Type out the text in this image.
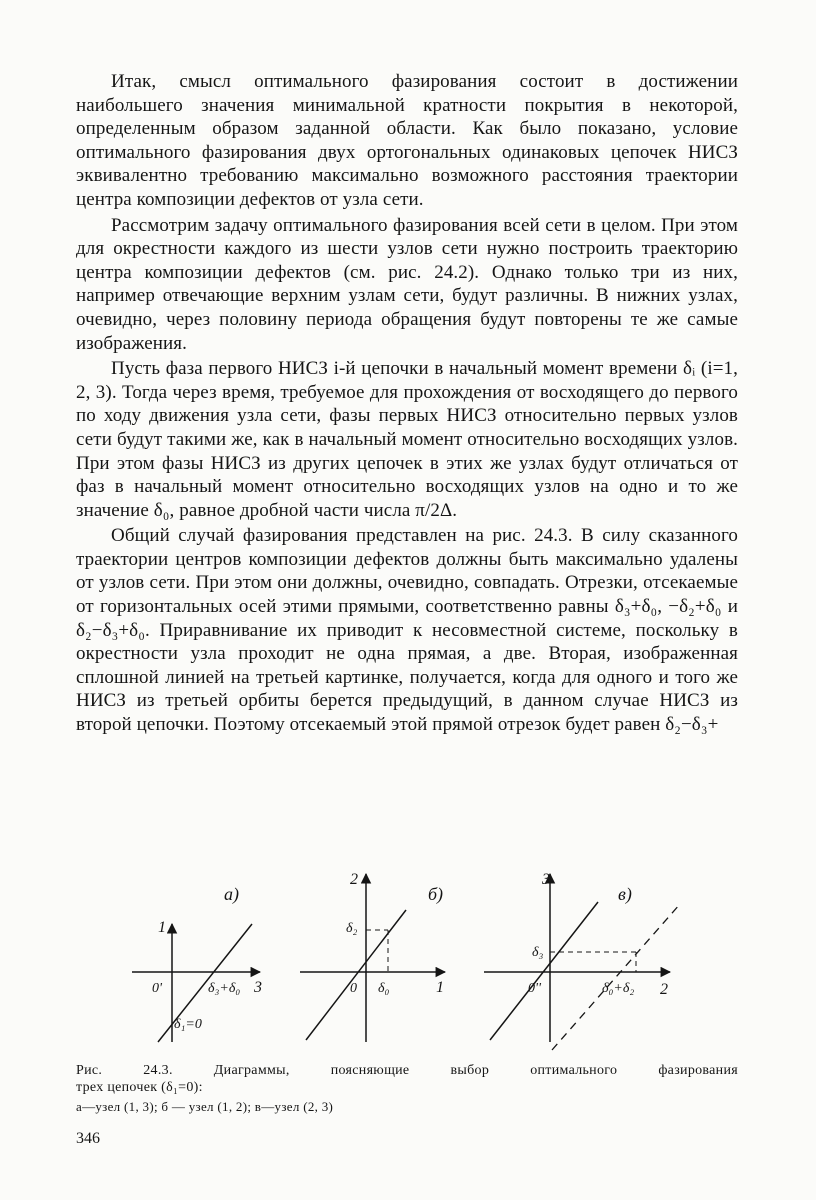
Итак, смысл оптимального фазирования состоит в достижении наибольшего значения минимальной кратности покрытия в некоторой, определенным образом заданной области. Как было показано, условие оптимального фазирования двух ортогональных одинаковых цепочек НИСЗ эквивалентно требованию максимально возможного расстояния траектории центра композиции дефектов от узла сети.

Рассмотрим задачу оптимального фазирования всей сети в целом. При этом для окрестности каждого из шести узлов сети нужно построить траекторию центра композиции дефектов (см. рис. 24.2). Однако только три из них, например отвечающие верхним узлам сети, будут различны. В нижних узлах, очевидно, через половину периода обращения будут повторены те же самые изображения.

Пусть фаза первого НИСЗ i-й цепочки в начальный момент времени δᵢ (i=1, 2, 3). Тогда через время, требуемое для прохождения от восходящего до первого по ходу движения узла сети, фазы первых НИСЗ относительно первых узлов сети будут такими же, как в начальный момент относительно восходящих узлов. При этом фазы НИСЗ из других цепочек в этих же узлах будут отличаться от фаз в начальный момент относительно восходящих узлов на одно и то же значение δ₀, равное дробной части числа π/2Δ.

Общий случай фазирования представлен на рис. 24.3. В силу сказанного траектории центров композиции дефектов должны быть максимально удалены от узлов сети. При этом они должны, очевидно, совпадать. Отрезки, отсекаемые от горизонтальных осей этими прямыми, соответственно равны δ₃+δ₀, −δ₂+δ₀ и δ₂−δ₃+δ₀. Приравнивание их приводит к несовместной системе, поскольку в окрестности узла проходит не одна прямая, а две. Вторая, изображенная сплошной линией на третьей картинке, получается, когда для одного и того же НИСЗ из третьей орбиты берется предыдущий, в данном случае НИСЗ из второй цепочки. Поэтому отсекаемый этой прямой отрезок будет равен δ₂−δ₃+

а)
1
3
0'	δ₃+δ₀
δ₁=0
б)
2
1
0
δ₂
δ₀
в)
3
2
0''
δ₃
δ₀+δ₂
Рис. 24.3. Диаграммы, поясняющие выбор оптимального фазирования
трех цепочек (δ₁=0):
а—узел (1, 3); б — узел (1, 2); в—узел (2, 3)
346
